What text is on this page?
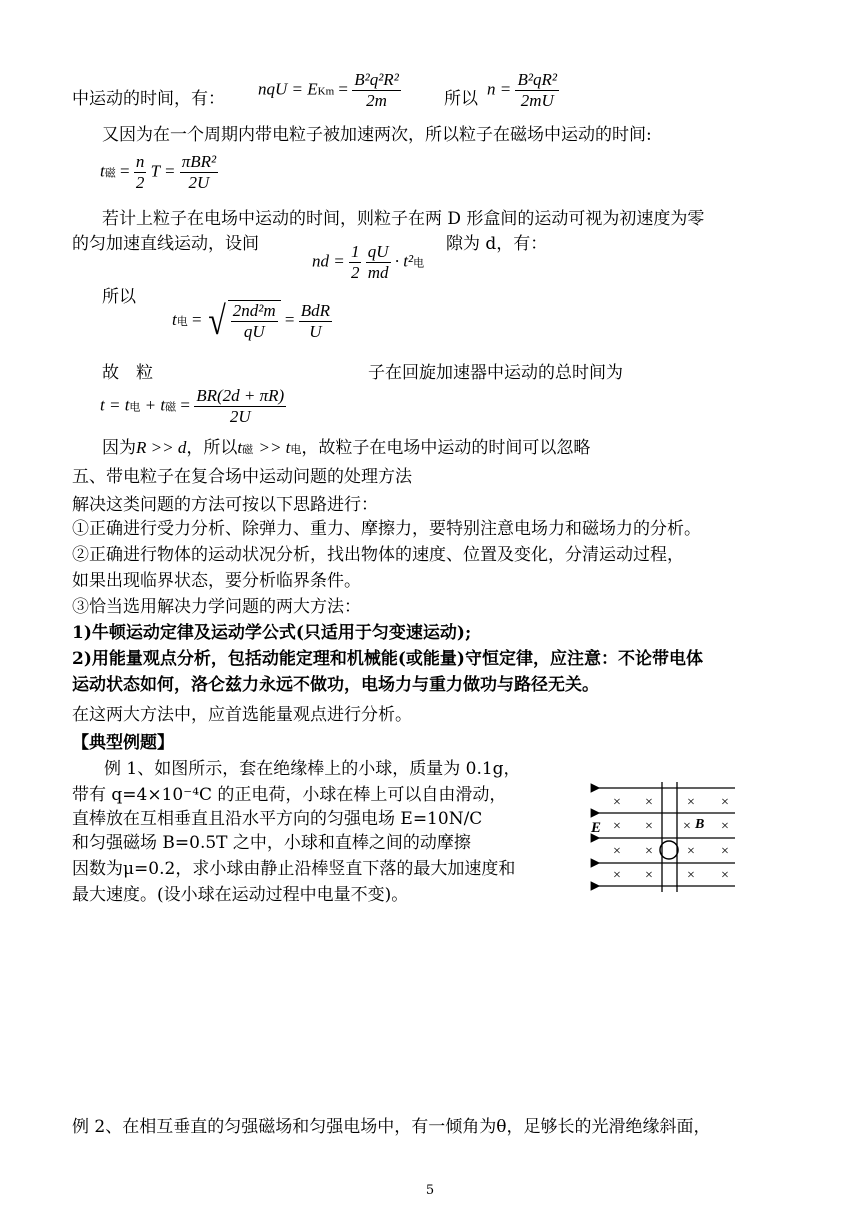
中运动的时间，有：
nqU = EKm = $\frac{\text{B²q²R²}}{2m}$	所以
$n = \frac{\text{B²qR²}}{2mU}$
又因为在一个周期内带电粒子被加速两次，所以粒子在磁场中运动的时间:
t磁 = $\frac{n}{2}$ $T = \frac{\text{πBR²}}{2U}$
若计上粒子在电场中运动的时间，则粒子在两 D 形盒间的运动可视为初速度为零
的匀加速直线运动，设间
nd = $\frac{1}{2}$
$\frac{qU}{md} \cdot t^2$电
隙为 d，有：
所以
t电 = √ $\frac{\text{2nd²m}}{qU} = \frac{\text{BdR}}{U}$
故　粒	子在回旋加速器中运动的总时间为
t = t电 + t磁 = $\frac{BR(2d + \pi R)}{2U}$
因为R >> d，所以t磁 >> t电，故粒子在电场中运动的时间可以忽略
五、带电粒子在复合场中运动问题的处理方法
解决这类问题的方法可按以下思路进行：
①正确进行受力分析、除弹力、重力、摩擦力，要特别注意电场力和磁场力的分析。
②正确进行物体的运动状况分析，找出物体的速度、位置及变化，分清运动过程，
如果出现临界状态，要分析临界条件。
③恰当选用解决力学问题的两大方法：
1)牛顿运动定律及运动学公式(只适用于匀变速运动);
2)用能量观点分析，包括动能定理和机械能(或能量)守恒定律，应注意：不论带电体
运动状态如何，洛仑兹力永远不做功，电场力与重力做功与路径无关。
在这两大方法中，应首选能量观点进行分析。
【典型例题】
例 1、如图所示，套在绝缘棒上的小球，质量为 0.1g，
带有 q=4×10⁻⁴C 的正电荷，小球在棒上可以自由滑动，
直棒放在互相垂直且沿水平方向的匀强电场 E=10N/C
和匀强磁场 B=0.5T 之中，小球和直棒之间的动摩擦
因数为μ=0.2，求小球由静止沿棒竖直下落的最大加速度和
最大速度。(设小球在运动过程中电量不变)。
× × × ×
× × × ×
× × × ×
× × × ×
E	B
例 2、在相互垂直的匀强磁场和匀强电场中，有一倾角为θ，足够长的光滑绝缘斜面，
5
